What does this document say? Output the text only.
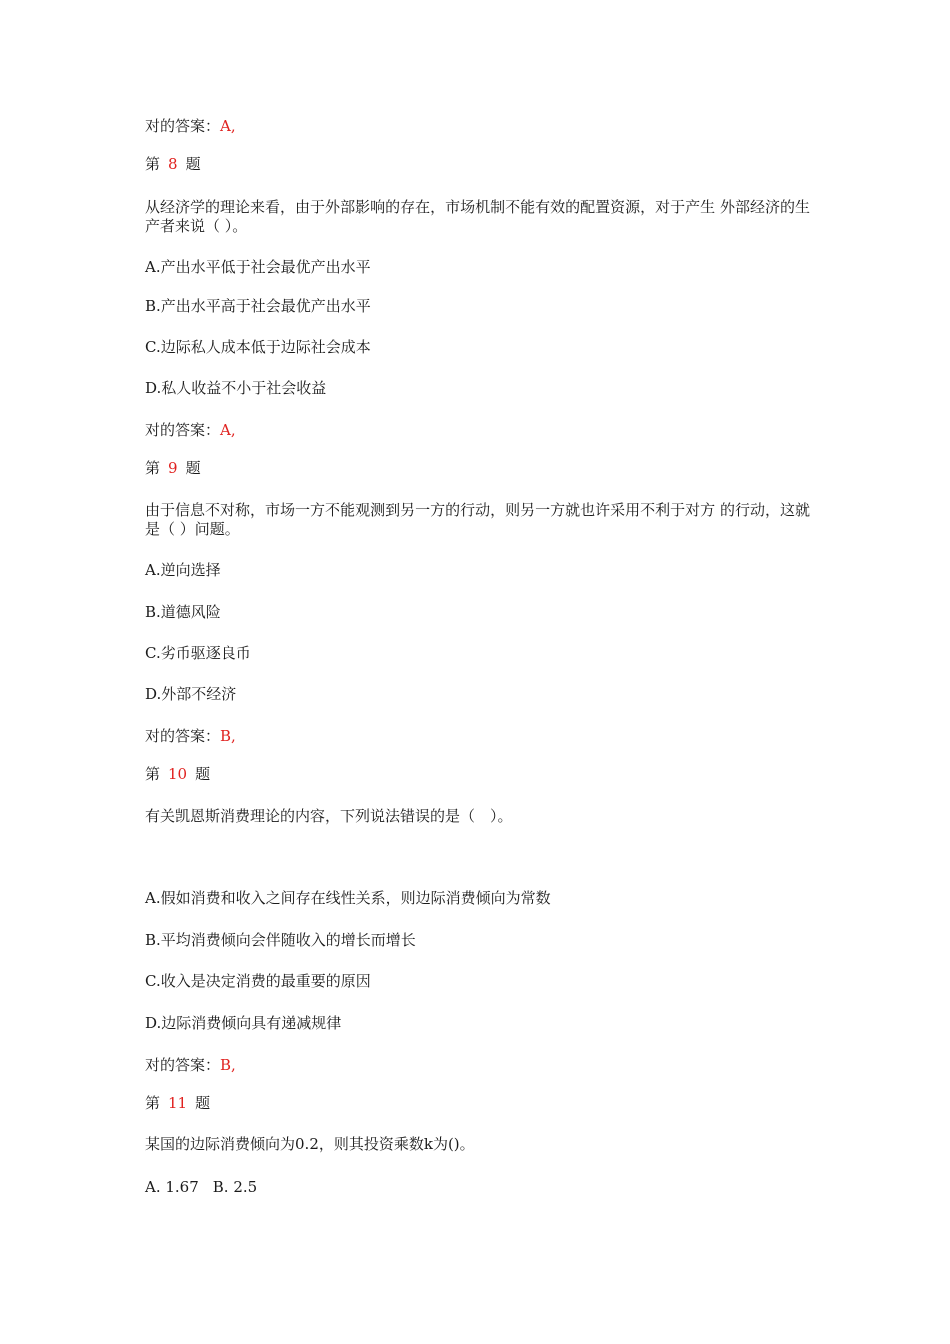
对的答案：A,
第 8 题
从经济学的理论来看，由于外部影响的存在，市场机制不能有效的配置资源，对于产生 外部经济的生产者来说（ ）。
A.产出水平低于社会最优产出水平
B.产出水平高于社会最优产出水平
C.边际私人成本低于边际社会成本
D.私人收益不小于社会收益
对的答案：A,
第 9 题
由于信息不对称，市场一方不能观测到另一方的行动，则另一方就也许采用不利于对方 的行动，这就是（ ）问题。
A.逆向选择
B.道德风险
C.劣币驱逐良币
D.外部不经济
对的答案：B,
第 10 题
有关凯恩斯消费理论的内容，下列说法错误的是（　）。
A.假如消费和收入之间存在线性关系，则边际消费倾向为常数
B.平均消费倾向会伴随收入的增长而增长
C.收入是决定消费的最重要的原因
D.边际消费倾向具有递减规律
对的答案：B,
第 11 题
某国的边际消费倾向为0.2，则其投资乘数k为()。
A. 1.67 B. 2.5
